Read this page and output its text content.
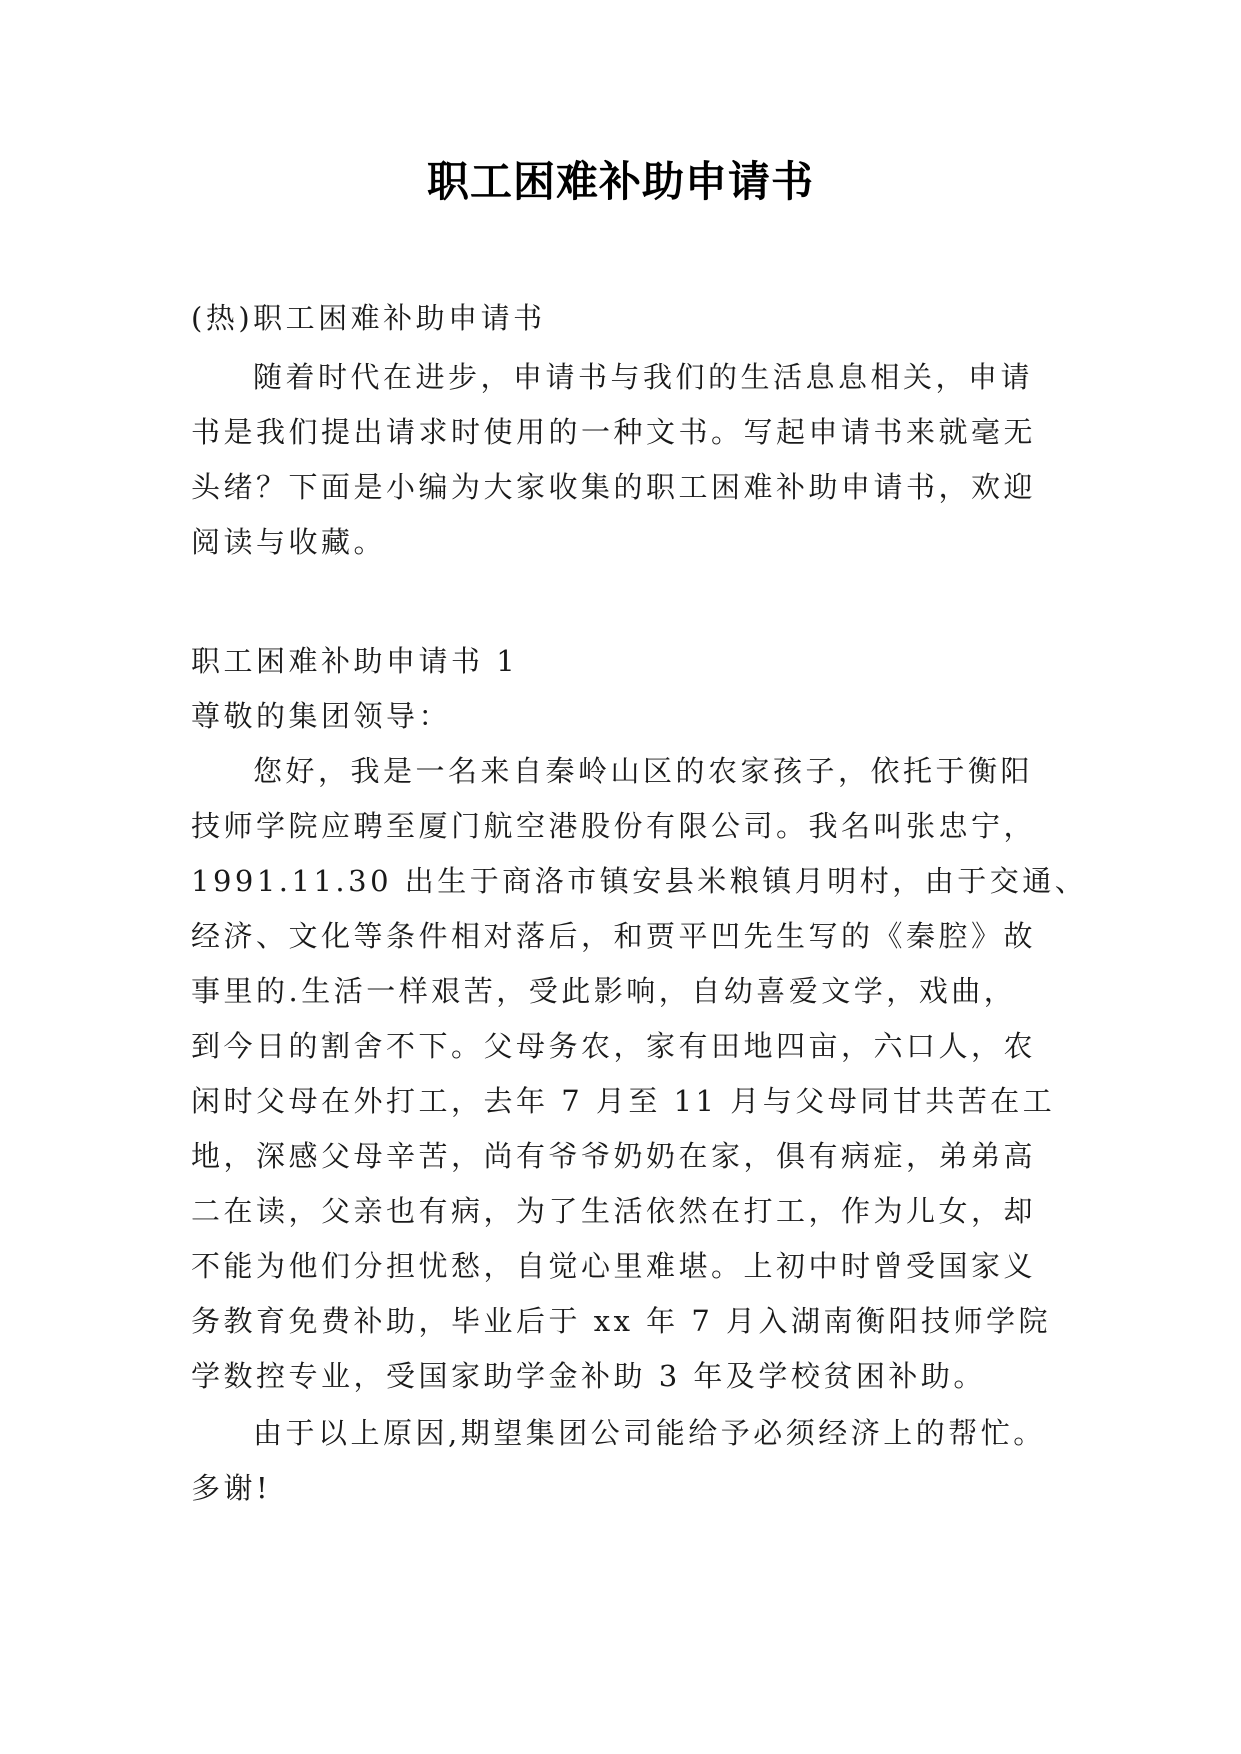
职工困难补助申请书
(热)职工困难补助申请书
随着时代在进步，申请书与我们的生活息息相关，申请
书是我们提出请求时使用的一种文书。写起申请书来就毫无
头绪？下面是小编为大家收集的职工困难补助申请书，欢迎
阅读与收藏。
职工困难补助申请书 1
尊敬的集团领导：
您好，我是一名来自秦岭山区的农家孩子，依托于衡阳
技师学院应聘至厦门航空港股份有限公司。我名叫张忠宁，
1991.11.30 出生于商洛市镇安县米粮镇月明村，由于交通、
经济、文化等条件相对落后，和贾平凹先生写的《秦腔》故
事里的.生活一样艰苦，受此影响，自幼喜爱文学，戏曲，
到今日的割舍不下。父母务农，家有田地四亩，六口人，农
闲时父母在外打工，去年 7 月至 11 月与父母同甘共苦在工
地，深感父母辛苦，尚有爷爷奶奶在家，俱有病症，弟弟高
二在读，父亲也有病，为了生活依然在打工，作为儿女，却
不能为他们分担忧愁，自觉心里难堪。上初中时曾受国家义
务教育免费补助，毕业后于 xx 年 7 月入湖南衡阳技师学院
学数控专业，受国家助学金补助 3 年及学校贫困补助。
由于以上原因,期望集团公司能给予必须经济上的帮忙。
多谢!
